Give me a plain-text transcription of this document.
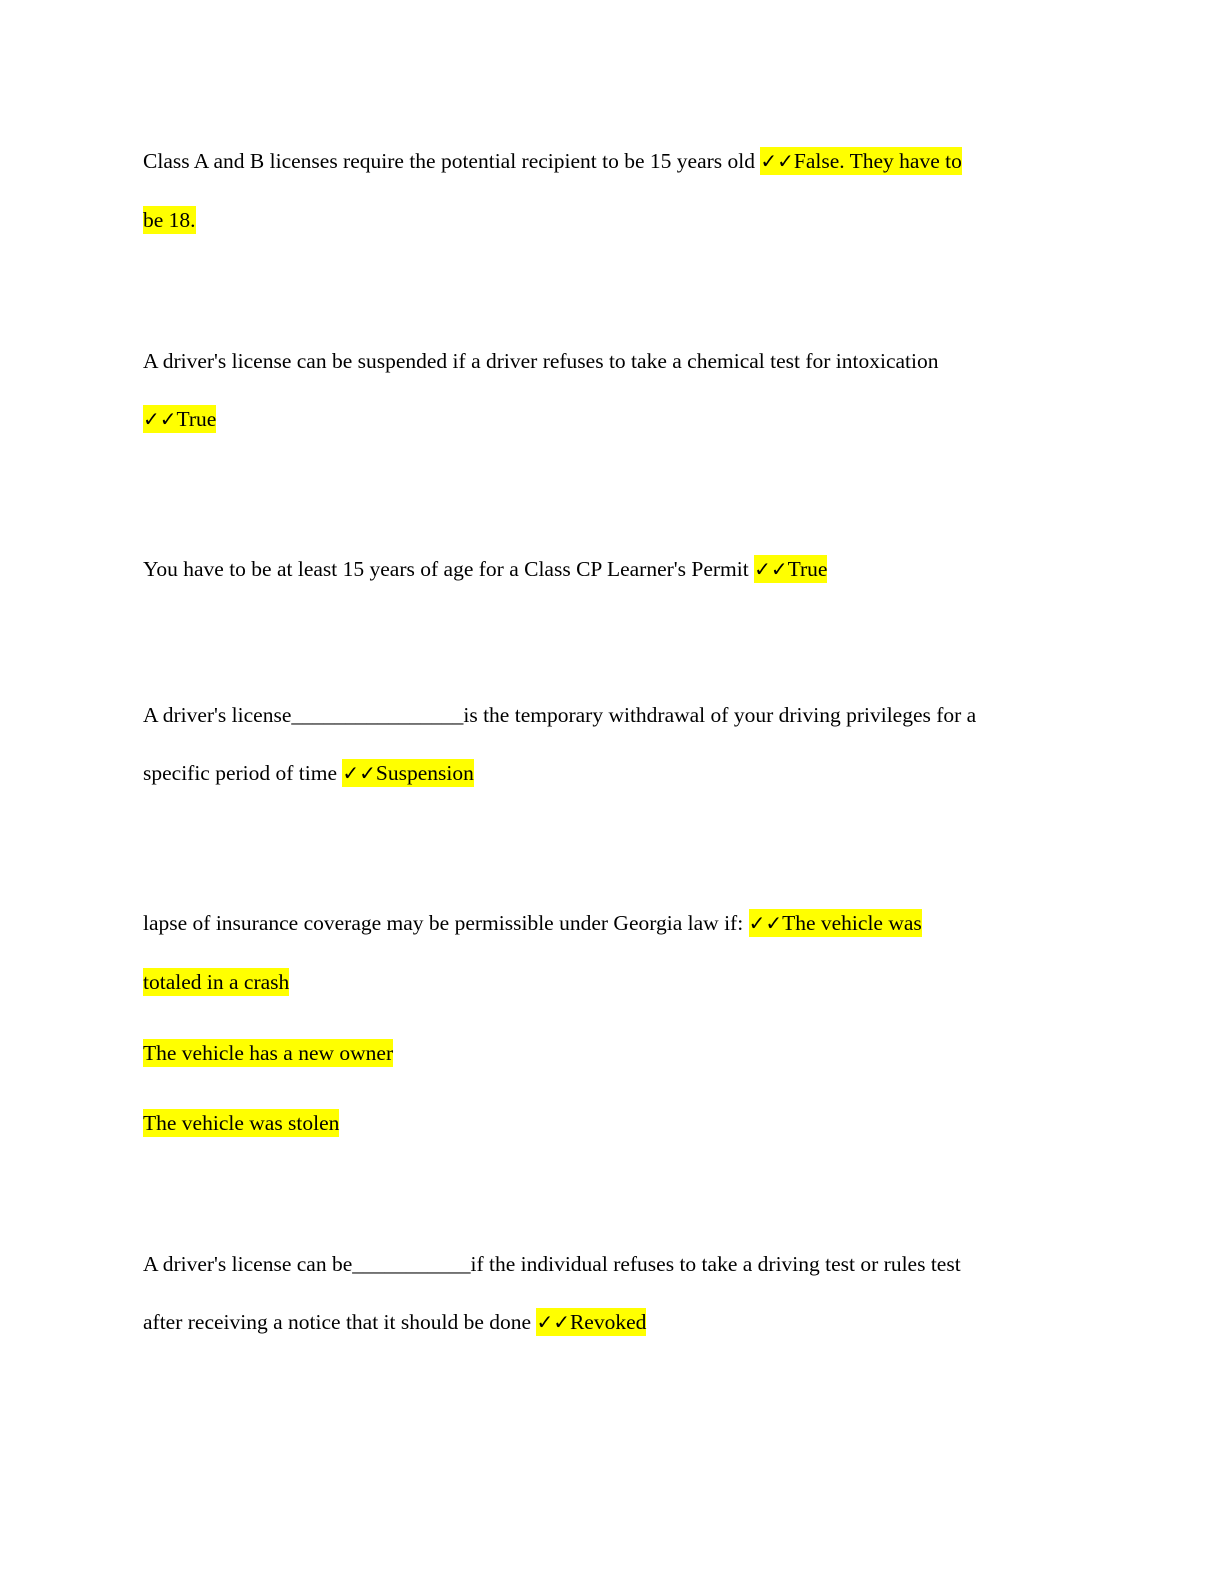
Class A and B licenses require the potential recipient to be 15 years old ✓✓False. They have to
be 18.
A driver's license can be suspended if a driver refuses to take a chemical test for intoxication
✓✓True
You have to be at least 15 years of age for a Class CP Learner's Permit ✓✓True
A driver's license________________is the temporary withdrawal of your driving privileges for a
specific period of time ✓✓Suspension
lapse of insurance coverage may be permissible under Georgia law if: ✓✓The vehicle was
totaled in a crash
The vehicle has a new owner
The vehicle was stolen
A driver's license can be___________if the individual refuses to take a driving test or rules test
after receiving a notice that it should be done ✓✓Revoked
